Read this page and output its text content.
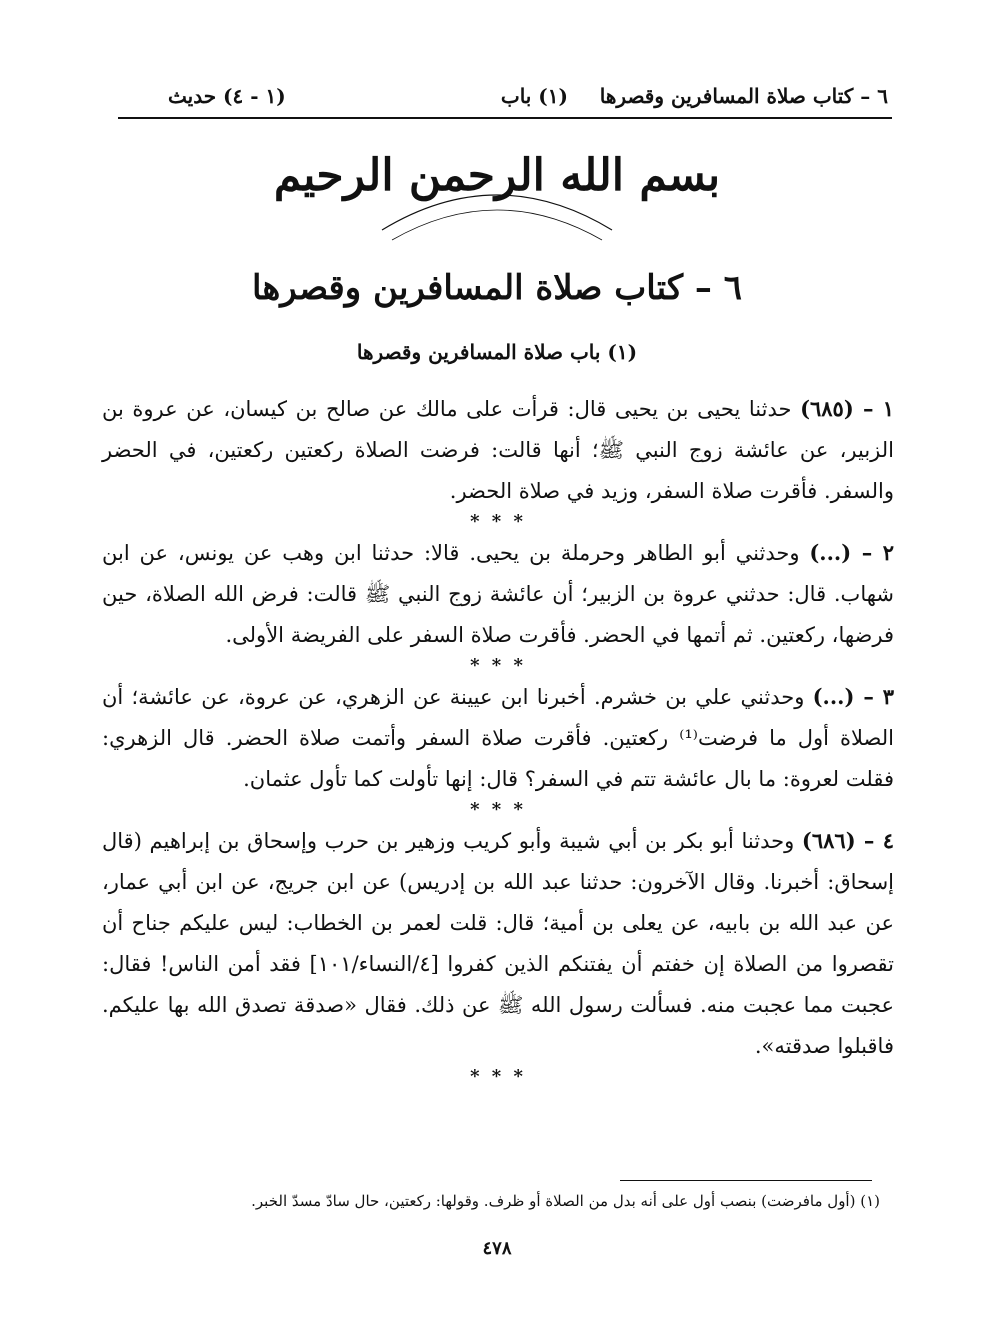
٦ – كتاب صلاة المسافرين وقصرها
(١) باب
(١ - ٤) حديث
بسم الله الرحمن الرحيم
٦ – كتاب صلاة المسافرين وقصرها
(١) باب صلاة المسافرين وقصرها

١ – (٦٨٥) حدثنا يحيى بن يحيى قال: قرأت على مالك عن صالح بن كيسان، عن عروة بن الزبير، عن عائشة زوج النبي ﷺ؛ أنها قالت: فرضت الصلاة ركعتين ركعتين، في الحضر والسفر. فأقرت صلاة السفر، وزيد في صلاة الحضر.

* * *

٢ – (...) وحدثني أبو الطاهر وحرملة بن يحيى. قالا: حدثنا ابن وهب عن يونس، عن ابن شهاب. قال: حدثني عروة بن الزبير؛ أن عائشة زوج النبي ﷺ قالت: فرض الله الصلاة، حين فرضها، ركعتين. ثم أتمها في الحضر. فأقرت صلاة السفر على الفريضة الأولى.

* * *

٣ – (...) وحدثني علي بن خشرم. أخبرنا ابن عيينة عن الزهري، عن عروة، عن عائشة؛ أن الصلاة أول ما فرضت⁽¹⁾ ركعتين. فأقرت صلاة السفر وأتمت صلاة الحضر. قال الزهري: فقلت لعروة: ما بال عائشة تتم في السفر؟ قال: إنها تأولت كما تأول عثمان.

* * *

٤ – (٦٨٦) وحدثنا أبو بكر بن أبي شيبة وأبو كريب وزهير بن حرب وإسحاق بن إبراهيم (قال إسحاق: أخبرنا. وقال الآخرون: حدثنا عبد الله بن إدريس) عن ابن جريج، عن ابن أبي عمار، عن عبد الله بن بابيه، عن يعلى بن أمية؛ قال: قلت لعمر بن الخطاب: ليس عليكم جناح أن تقصروا من الصلاة إن خفتم أن يفتنكم الذين كفروا [٤/النساء/١٠١] فقد أمن الناس! فقال: عجبت مما عجبت منه. فسألت رسول الله ﷺ عن ذلك. فقال «صدقة تصدق الله بها عليكم. فاقبلوا صدقته».

* * *

(١) (أول مافرضت) بنصب أول على أنه بدل من الصلاة أو ظرف. وقولها: ركعتين، حال سادّ مسدّ الخبر.
٤٧٨
